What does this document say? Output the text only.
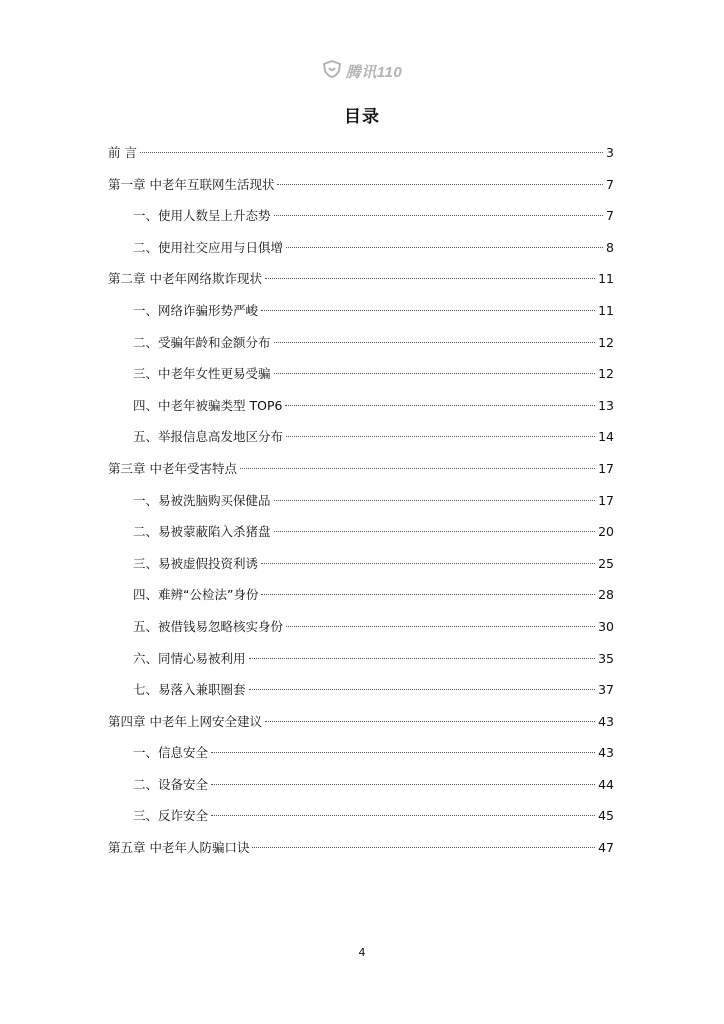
腾讯110
目录
前 言	3
第一章 中老年互联网生活现状	7
一、使用人数呈上升态势	7
二、使用社交应用与日俱增	8
第二章 中老年网络欺诈现状	11
一、网络诈骗形势严峻	11
二、受骗年龄和金额分布	12
三、中老年女性更易受骗	12
四、中老年被骗类型 TOP6	13
五、举报信息高发地区分布	14
第三章 中老年受害特点	17
一、易被洗脑购买保健品	17
二、易被蒙蔽陷入杀猪盘	20
三、易被虚假投资利诱	25
四、难辨“公检法”身份	28
五、被借钱易忽略核实身份	30
六、同情心易被利用	35
七、易落入兼职圈套	37
第四章 中老年上网安全建议	43
一、信息安全	43
二、设备安全	44
三、反诈安全	45
第五章 中老年人防骗口诀	47
4
